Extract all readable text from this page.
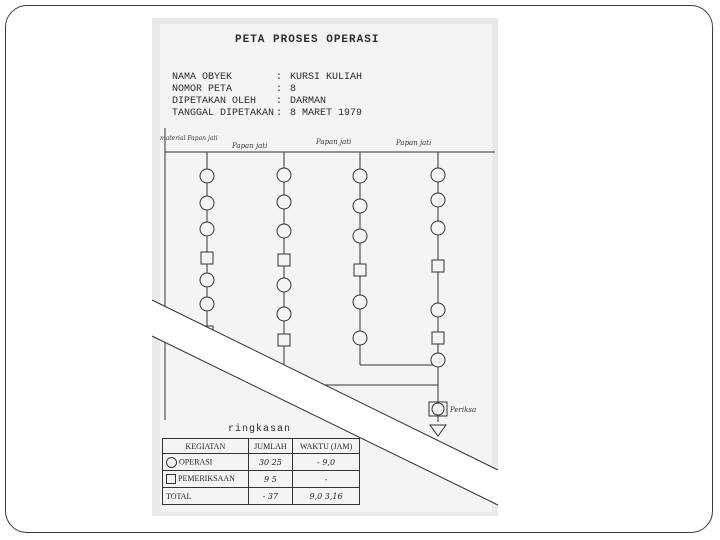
PETA PROSES OPERASI
NAMA OBYEK	: KURSI KULIAH
NOMOR PETA	: 8
DIPETAKAN OLEH : DARMAN
TANGGAL DIPETAKAN : 8 MARET 1979
material Papan jati
Papan jati	Papan jati	Papan jati
Periksa
ringkasan
KEGIATAN	JUMLAH	WAKTU (JAM)
OPERASI	30 25	- 9,0
PEMERIKSAAN	9 5	-
TOTAL	- 37	9,0 3,16
